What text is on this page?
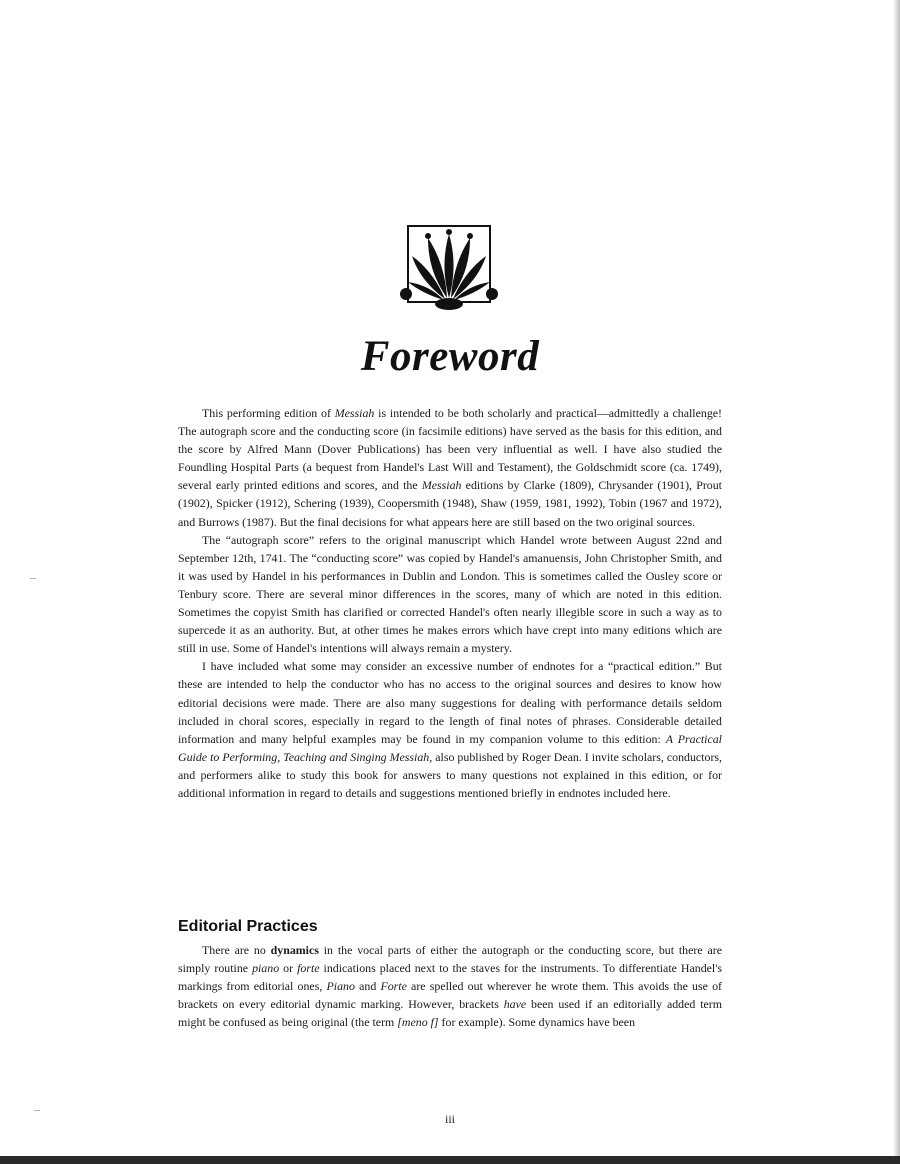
Foreword

This performing edition of Messiah is intended to be both scholarly and practical—admittedly a challenge! The autograph score and the conducting score (in facsimile editions) have served as the basis for this edition, and the score by Alfred Mann (Dover Publications) has been very influential as well. I have also studied the Foundling Hospital Parts (a bequest from Handel's Last Will and Testament), the Goldschmidt score (ca. 1749), several early printed editions and scores, and the Messiah editions by Clarke (1809), Chrysander (1901), Prout (1902), Spicker (1912), Schering (1939), Coopersmith (1948), Shaw (1959, 1981, 1992), Tobin (1967 and 1972), and Burrows (1987). But the final decisions for what appears here are still based on the two original sources.

The “autograph score” refers to the original manuscript which Handel wrote between August 22nd and September 12th, 1741. The “conducting score” was copied by Handel's amanuensis, John Christopher Smith, and it was used by Handel in his performances in Dublin and London. This is sometimes called the Ousley score or Tenbury score. There are several minor differences in the scores, many of which are noted in this edition. Sometimes the copyist Smith has clarified or corrected Handel's often nearly illegible score in such a way as to supercede it as an authority. But, at other times he makes errors which have crept into many editions which are still in use. Some of Handel's intentions will always remain a mystery.

I have included what some may consider an excessive number of endnotes for a “practical edition.” But these are intended to help the conductor who has no access to the original sources and desires to know how editorial decisions were made. There are also many suggestions for dealing with performance details seldom included in choral scores, especially in regard to the length of final notes of phrases. Considerable detailed information and many helpful examples may be found in my companion volume to this edition: A Practical Guide to Performing, Teaching and Singing Messiah, also published by Roger Dean. I invite scholars, conductors, and performers alike to study this book for answers to many questions not explained in this edition, or for additional information in regard to details and suggestions mentioned briefly in endnotes included here.

Editorial Practices

There are no dynamics in the vocal parts of either the autograph or the conducting score, but there are simply routine piano or forte indications placed next to the staves for the instruments. To differentiate Handel's markings from editorial ones, Piano and Forte are spelled out wherever he wrote them. This avoids the use of brackets on every editorial dynamic marking. However, brackets have been used if an editorially added term might be confused as being original (the term [meno f] for example). Some dynamics have been

iii
